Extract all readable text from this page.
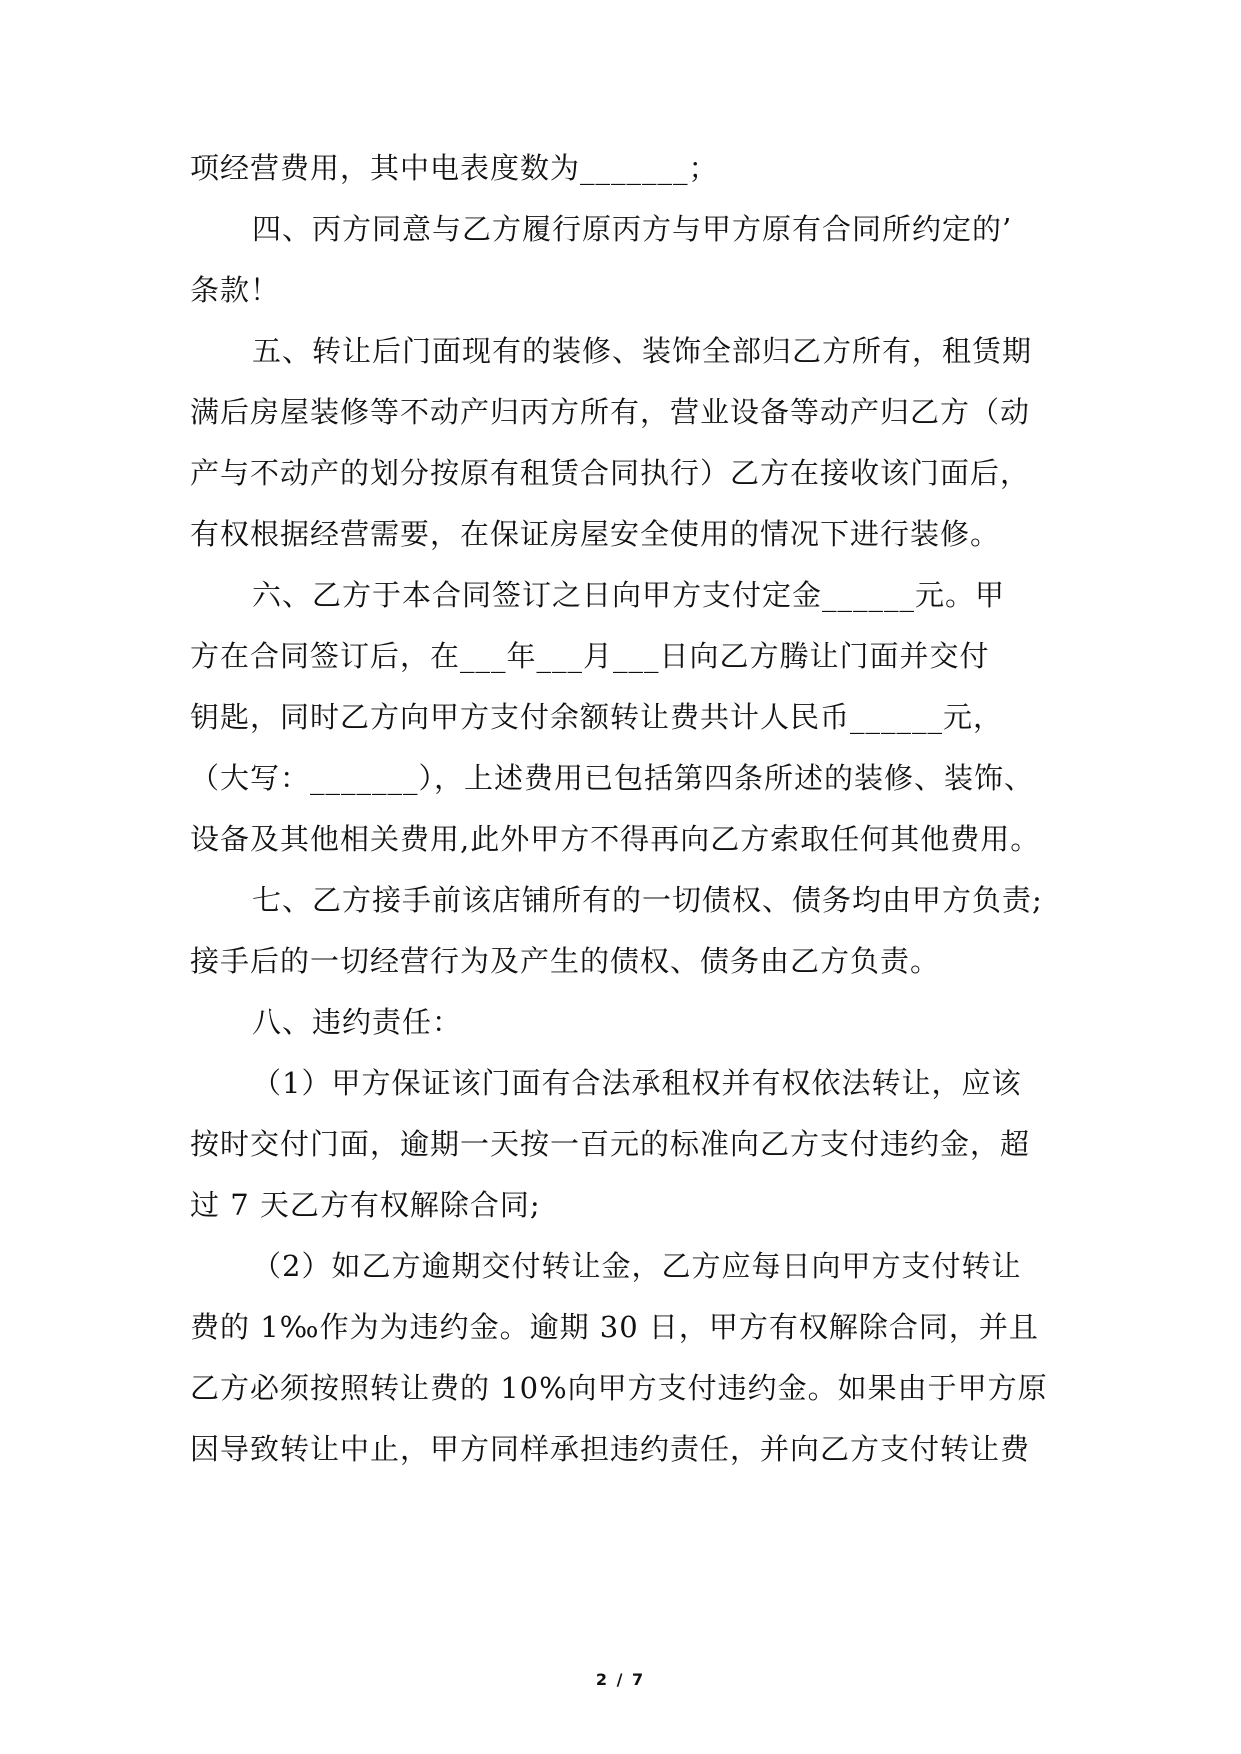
项经营费用，其中电表度数为_______；
四、丙方同意与乙方履行原丙方与甲方原有合同所约定的’
条款！
五、转让后门面现有的装修、装饰全部归乙方所有，租赁期
满后房屋装修等不动产归丙方所有，营业设备等动产归乙方（动
产与不动产的划分按原有租赁合同执行）乙方在接收该门面后，
有权根据经营需要，在保证房屋安全使用的情况下进行装修。
六、乙方于本合同签订之日向甲方支付定金______元。甲
方在合同签订后，在___年___月___日向乙方腾让门面并交付
钥匙，同时乙方向甲方支付余额转让费共计人民币______元，
（大写：_______），上述费用已包括第四条所述的装修、装饰、
设备及其他相关费用,此外甲方不得再向乙方索取任何其他费用。
七、乙方接手前该店铺所有的一切债权、债务均由甲方负责;
接手后的一切经营行为及产生的债权、债务由乙方负责。
八、违约责任：
（1）甲方保证该门面有合法承租权并有权依法转让，应该
按时交付门面，逾期一天按一百元的标准向乙方支付违约金，超
过 7 天乙方有权解除合同;
（2）如乙方逾期交付转让金，乙方应每日向甲方支付转让
费的 1‰作为为违约金。逾期 30 日，甲方有权解除合同，并且
乙方必须按照转让费的 10%向甲方支付违约金。如果由于甲方原
因导致转让中止，甲方同样承担违约责任，并向乙方支付转让费
2 / 7
